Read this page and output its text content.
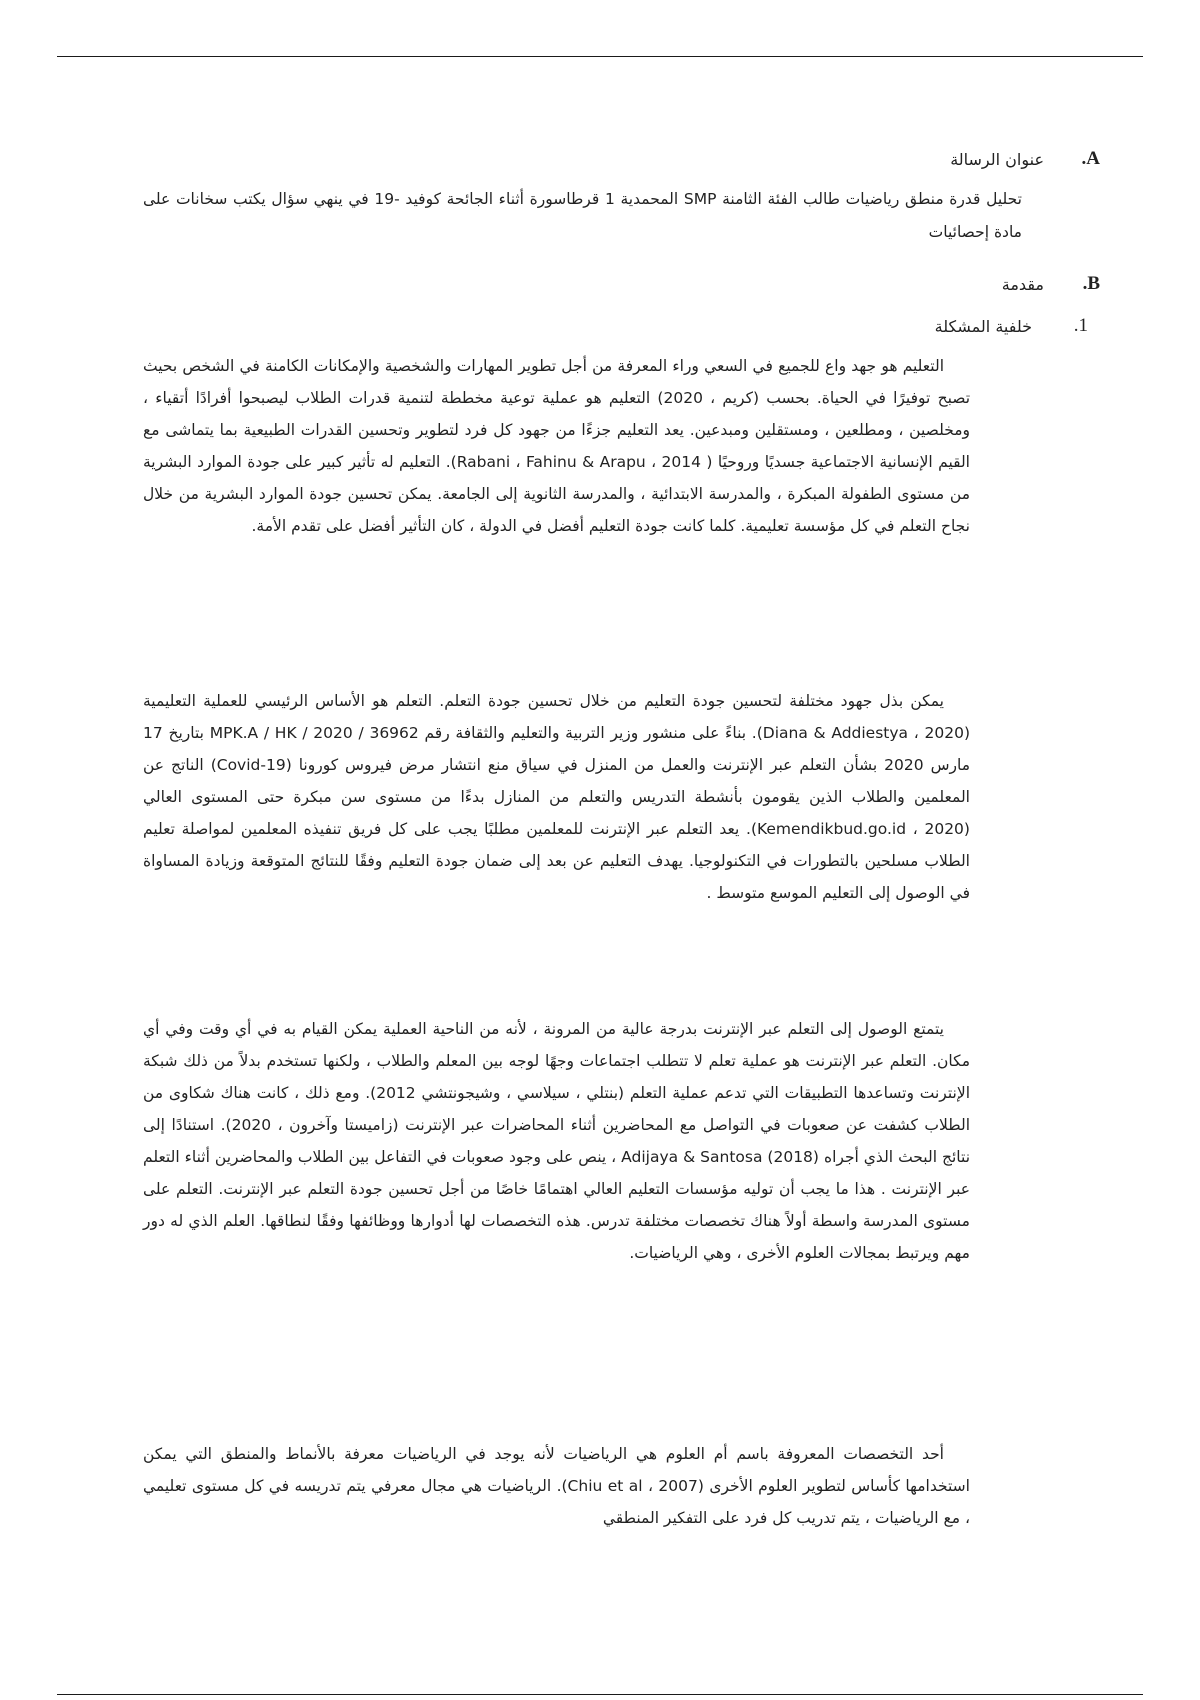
A.
عنوان الرسالة
تحليل قدرة منطق رياضيات طالب الفئة الثامنة SMP المحمدية 1 قرطاسورة أثناء الجائحة كوفيد -19 في ينهي سؤال يكتب سخانات على مادة إحصائيات
B.
مقدمة
1.
خلفية المشكلة
التعليم هو جهد واع للجميع في السعي وراء المعرفة من أجل تطوير المهارات والشخصية والإمكانات الكامنة في الشخص بحيث تصبح توفيرًا في الحياة. بحسب (كريم ، 2020) التعليم هو عملية توعية مخططة لتنمية قدرات الطلاب ليصبحوا أفرادًا أتقياء ، ومخلصين ، ومطلعين ، ومستقلين ومبدعين. يعد التعليم جزءًا من جهود كل فرد لتطوير وتحسين القدرات الطبيعية بما يتماشى مع القيم الإنسانية الاجتماعية جسديًا وروحيًا ( Rabani ، Fahinu & Arapu ، 2014). التعليم له تأثير كبير على جودة الموارد البشرية من مستوى الطفولة المبكرة ، والمدرسة الابتدائية ، والمدرسة الثانوية إلى الجامعة. يمكن تحسين جودة الموارد البشرية من خلال نجاح التعلم في كل مؤسسة تعليمية. كلما كانت جودة التعليم أفضل في الدولة ، كان التأثير أفضل على تقدم الأمة.
يمكن بذل جهود مختلفة لتحسين جودة التعليم من خلال تحسين جودة التعلم. التعلم هو الأساس الرئيسي للعملية التعليمية (Diana & Addiestya ، 2020). بناءً على منشور وزير التربية والتعليم والثقافة رقم 36962 / MPK.A / HK / 2020 بتاريخ 17 مارس 2020 بشأن التعلم عبر الإنترنت والعمل من المنزل في سياق منع انتشار مرض فيروس كورونا (Covid-19) الناتج عن المعلمين والطلاب الذين يقومون بأنشطة التدريس والتعلم من المنازل بدءًا من مستوى سن مبكرة حتى المستوى العالي (Kemendikbud.go.id ، 2020). يعد التعلم عبر الإنترنت للمعلمين مطلبًا يجب على كل فريق تنفيذه المعلمين لمواصلة تعليم الطلاب مسلحين بالتطورات في التكنولوجيا. يهدف التعليم عن بعد إلى ضمان جودة التعليم وفقًا للنتائج المتوقعة وزيادة المساواة في الوصول إلى التعليم الموسع متوسط .
يتمتع الوصول إلى التعلم عبر الإنترنت بدرجة عالية من المرونة ، لأنه من الناحية العملية يمكن القيام به في أي وقت وفي أي مكان. التعلم عبر الإنترنت هو عملية تعلم لا تتطلب اجتماعات وجهًا لوجه بين المعلم والطلاب ، ولكنها تستخدم بدلاً من ذلك شبكة الإنترنت وتساعدها التطبيقات التي تدعم عملية التعلم (بنتلي ، سيلاسي ، وشيجونتشي 2012). ومع ذلك ، كانت هناك شكاوى من الطلاب كشفت عن صعوبات في التواصل مع المحاضرين أثناء المحاضرات عبر الإنترنت (زاميستا وآخرون ، 2020). استنادًا إلى نتائج البحث الذي أجراه Adijaya & Santosa (2018) ، ينص على وجود صعوبات في التفاعل بين الطلاب والمحاضرين أثناء التعلم عبر الإنترنت . هذا ما يجب أن توليه مؤسسات التعليم العالي اهتمامًا خاصًا من أجل تحسين جودة التعلم عبر الإنترنت. التعلم على مستوى المدرسة واسطة أولاً هناك تخصصات مختلفة تدرس. هذه التخصصات لها أدوارها ووظائفها وفقًا لنطاقها. العلم الذي له دور مهم ويرتبط بمجالات العلوم الأخرى ، وهي الرياضيات.
أحد التخصصات المعروفة باسم أم العلوم هي الرياضيات لأنه يوجد في الرياضيات معرفة بالأنماط والمنطق التي يمكن استخدامها كأساس لتطوير العلوم الأخرى (Chiu et al ، 2007). الرياضيات هي مجال معرفي يتم تدريسه في كل مستوى تعليمي ، مع الرياضيات ، يتم تدريب كل فرد على التفكير المنطقي
